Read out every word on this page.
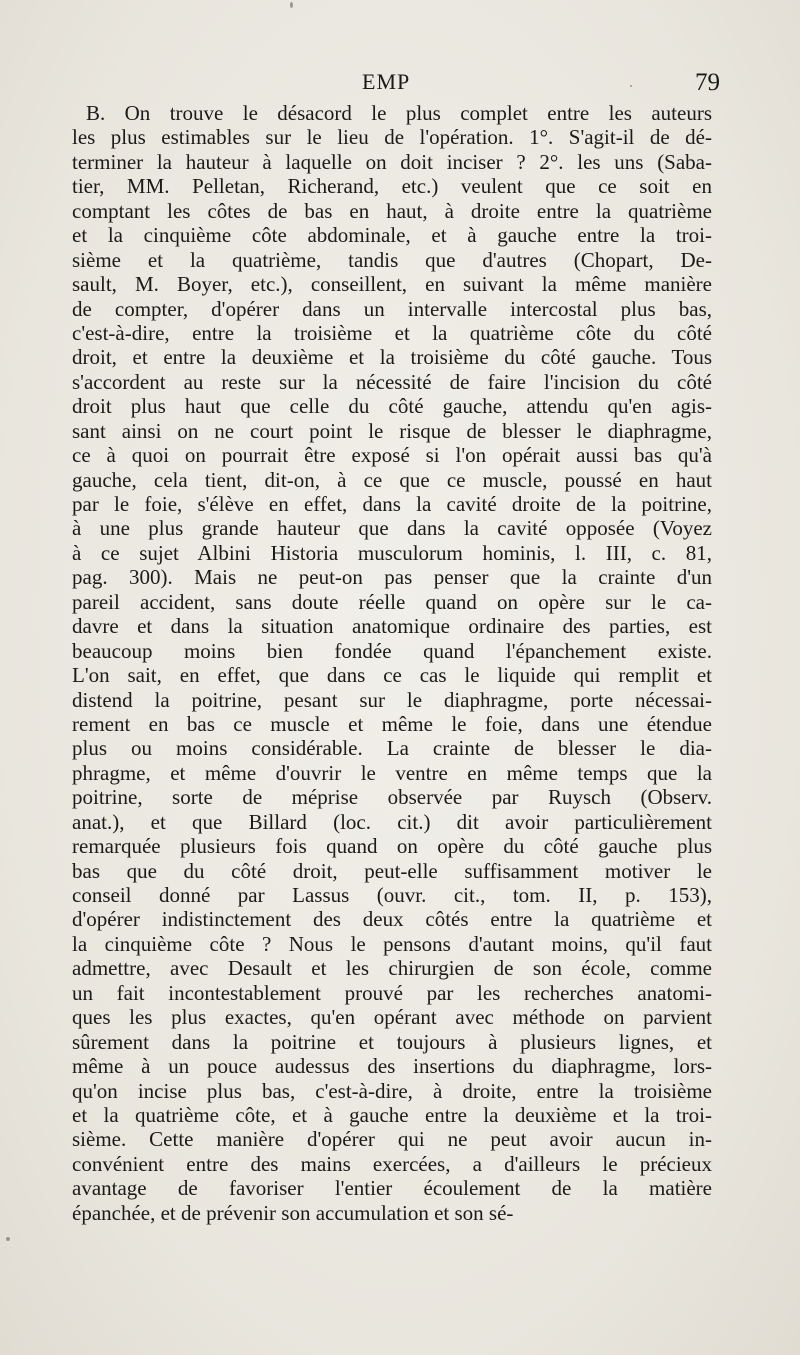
EMP	79
B. On trouve le désacord le plus complet entre les auteurs
les plus estimables sur le lieu de l'opération. 1°. S'agit-il de dé-
terminer la hauteur à laquelle on doit inciser ? 2°. les uns (Saba-
tier, MM. Pelletan, Richerand, etc.) veulent que ce soit en
comptant les côtes de bas en haut, à droite entre la quatrième
et la cinquième côte abdominale, et à gauche entre la troi-
sième et la quatrième, tandis que d'autres (Chopart, De-
sault, M. Boyer, etc.), conseillent, en suivant la même manière
de compter, d'opérer dans un intervalle intercostal plus bas,
c'est-à-dire, entre la troisième et la quatrième côte du côté
droit, et entre la deuxième et la troisième du côté gauche. Tous
s'accordent au reste sur la nécessité de faire l'incision du côté
droit plus haut que celle du côté gauche, attendu qu'en agis-
sant ainsi on ne court point le risque de blesser le diaphragme,
ce à quoi on pourrait être exposé si l'on opérait aussi bas qu'à
gauche, cela tient, dit-on, à ce que ce muscle, poussé en haut
par le foie, s'élève en effet, dans la cavité droite de la poitrine,
à une plus grande hauteur que dans la cavité opposée (Voyez
à ce sujet Albini Historia musculorum hominis, l. III, c. 81,
pag. 300). Mais ne peut-on pas penser que la crainte d'un
pareil accident, sans doute réelle quand on opère sur le ca-
davre et dans la situation anatomique ordinaire des parties, est
beaucoup moins bien fondée quand l'épanchement existe.
L'on sait, en effet, que dans ce cas le liquide qui remplit et
distend la poitrine, pesant sur le diaphragme, porte nécessai-
rement en bas ce muscle et même le foie, dans une étendue
plus ou moins considérable. La crainte de blesser le dia-
phragme, et même d'ouvrir le ventre en même temps que la
poitrine, sorte de méprise observée par Ruysch (Observ.
anat.), et que Billard (loc. cit.) dit avoir particulièrement
remarquée plusieurs fois quand on opère du côté gauche plus
bas que du côté droit, peut-elle suffisamment motiver le
conseil donné par Lassus (ouvr. cit., tom. II, p. 153),
d'opérer indistinctement des deux côtés entre la quatrième et
la cinquième côte ? Nous le pensons d'autant moins, qu'il faut
admettre, avec Desault et les chirurgien de son école, comme
un fait incontestablement prouvé par les recherches anatomi-
ques les plus exactes, qu'en opérant avec méthode on parvient
sûrement dans la poitrine et toujours à plusieurs lignes, et
même à un pouce audessus des insertions du diaphragme, lors-
qu'on incise plus bas, c'est-à-dire, à droite, entre la troisième
et la quatrième côte, et à gauche entre la deuxième et la troi-
sième. Cette manière d'opérer qui ne peut avoir aucun in-
convénient entre des mains exercées, a d'ailleurs le précieux
avantage de favoriser l'entier écoulement de la matière
épanchée, et de prévenir son accumulation et son sé-
